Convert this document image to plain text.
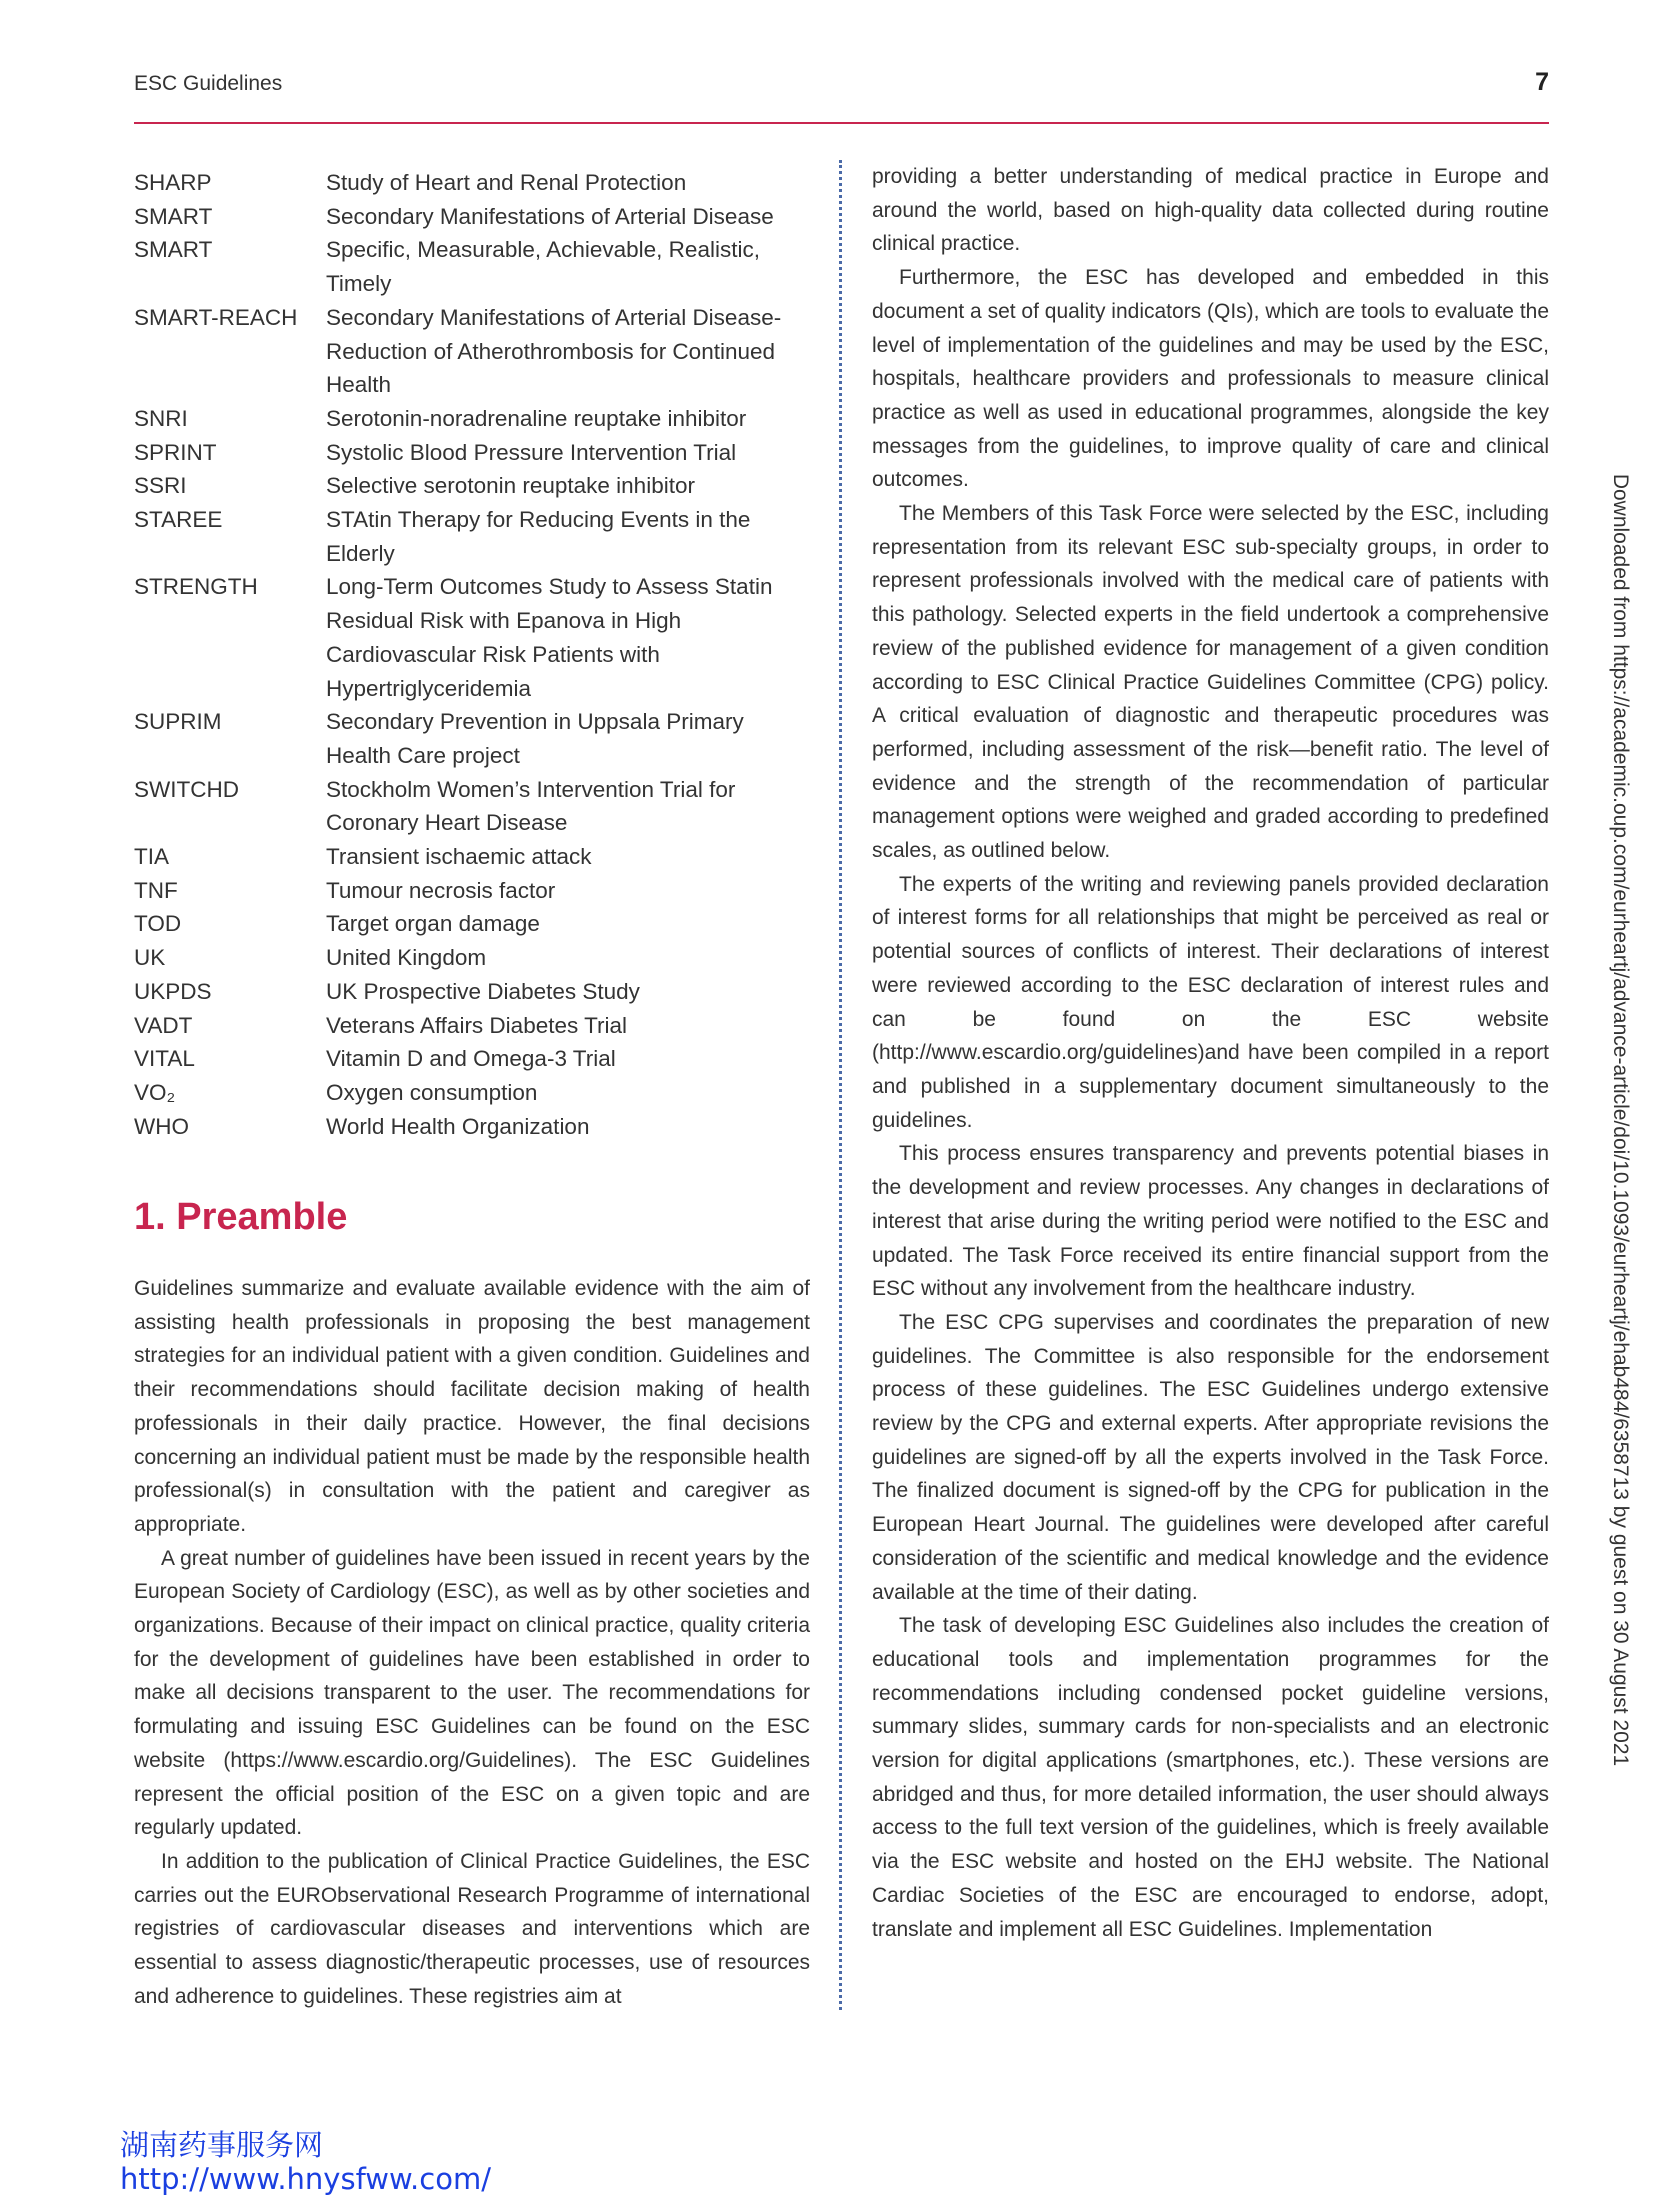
ESC Guidelines	7
SHARP	Study of Heart and Renal Protection
SMART	Secondary Manifestations of Arterial Disease
SMART	Specific, Measurable, Achievable, Realistic, Timely
SMART-REACH	Secondary Manifestations of Arterial Disease-Reduction of Atherothrombosis for Continued Health
SNRI	Serotonin-noradrenaline reuptake inhibitor
SPRINT	Systolic Blood Pressure Intervention Trial
SSRI	Selective serotonin reuptake inhibitor
STAREE	STAtin Therapy for Reducing Events in the Elderly
STRENGTH	Long-Term Outcomes Study to Assess Statin Residual Risk with Epanova in High Cardiovascular Risk Patients with Hypertriglyceridemia
SUPRIM	Secondary Prevention in Uppsala Primary Health Care project
SWITCHD	Stockholm Women’s Intervention Trial for Coronary Heart Disease
TIA	Transient ischaemic attack
TNF	Tumour necrosis factor
TOD	Target organ damage
UK	United Kingdom
UKPDS	UK Prospective Diabetes Study
VADT	Veterans Affairs Diabetes Trial
VITAL	Vitamin D and Omega-3 Trial
VO₂	Oxygen consumption
WHO	World Health Organization
1. Preamble

Guidelines summarize and evaluate available evidence with the aim of assisting health professionals in proposing the best management strategies for an individual patient with a given condition. Guidelines and their recommendations should facilitate decision making of health professionals in their daily practice. However, the final decisions concerning an individual patient must be made by the responsible health professional(s) in consultation with the patient and caregiver as appropriate.

A great number of guidelines have been issued in recent years by the European Society of Cardiology (ESC), as well as by other societies and organizations. Because of their impact on clinical practice, quality criteria for the development of guidelines have been established in order to make all decisions transparent to the user. The recommendations for formulating and issuing ESC Guidelines can be found on the ESC website (https://www.escardio.org/Guidelines). The ESC Guidelines represent the official position of the ESC on a given topic and are regularly updated.

In addition to the publication of Clinical Practice Guidelines, the ESC carries out the EURObservational Research Programme of international registries of cardiovascular diseases and interventions which are essential to assess diagnostic/therapeutic processes, use of resources and adherence to guidelines. These registries aim at

providing a better understanding of medical practice in Europe and around the world, based on high-quality data collected during routine clinical practice.

Furthermore, the ESC has developed and embedded in this document a set of quality indicators (QIs), which are tools to evaluate the level of implementation of the guidelines and may be used by the ESC, hospitals, healthcare providers and professionals to measure clinical practice as well as used in educational programmes, alongside the key messages from the guidelines, to improve quality of care and clinical outcomes.

The Members of this Task Force were selected by the ESC, including representation from its relevant ESC sub-specialty groups, in order to represent professionals involved with the medical care of patients with this pathology. Selected experts in the field undertook a comprehensive review of the published evidence for management of a given condition according to ESC Clinical Practice Guidelines Committee (CPG) policy. A critical evaluation of diagnostic and therapeutic procedures was performed, including assessment of the risk—benefit ratio. The level of evidence and the strength of the recommendation of particular management options were weighed and graded according to predefined scales, as outlined below.

The experts of the writing and reviewing panels provided declaration of interest forms for all relationships that might be perceived as real or potential sources of conflicts of interest. Their declarations of interest were reviewed according to the ESC declaration of interest rules and can be found on the ESC website (http://www.escardio.org/guidelines)and have been compiled in a report and published in a supplementary document simultaneously to the guidelines.

This process ensures transparency and prevents potential biases in the development and review processes. Any changes in declarations of interest that arise during the writing period were notified to the ESC and updated. The Task Force received its entire financial support from the ESC without any involvement from the healthcare industry.

The ESC CPG supervises and coordinates the preparation of new guidelines. The Committee is also responsible for the endorsement process of these guidelines. The ESC Guidelines undergo extensive review by the CPG and external experts. After appropriate revisions the guidelines are signed-off by all the experts involved in the Task Force. The finalized document is signed-off by the CPG for publication in the European Heart Journal. The guidelines were developed after careful consideration of the scientific and medical knowledge and the evidence available at the time of their dating.

The task of developing ESC Guidelines also includes the creation of educational tools and implementation programmes for the recommendations including condensed pocket guideline versions, summary slides, summary cards for non-specialists and an electronic version for digital applications (smartphones, etc.). These versions are abridged and thus, for more detailed information, the user should always access to the full text version of the guidelines, which is freely available via the ESC website and hosted on the EHJ website. The National Cardiac Societies of the ESC are encouraged to endorse, adopt, translate and implement all ESC Guidelines. Implementation

Downloaded from https://academic.oup.com/eurheartj/advance-article/doi/10.1093/eurheartj/ehab484/6358713 by guest on 30 August 2021
湖南药事服务网
http://www.hnysfww.com/
